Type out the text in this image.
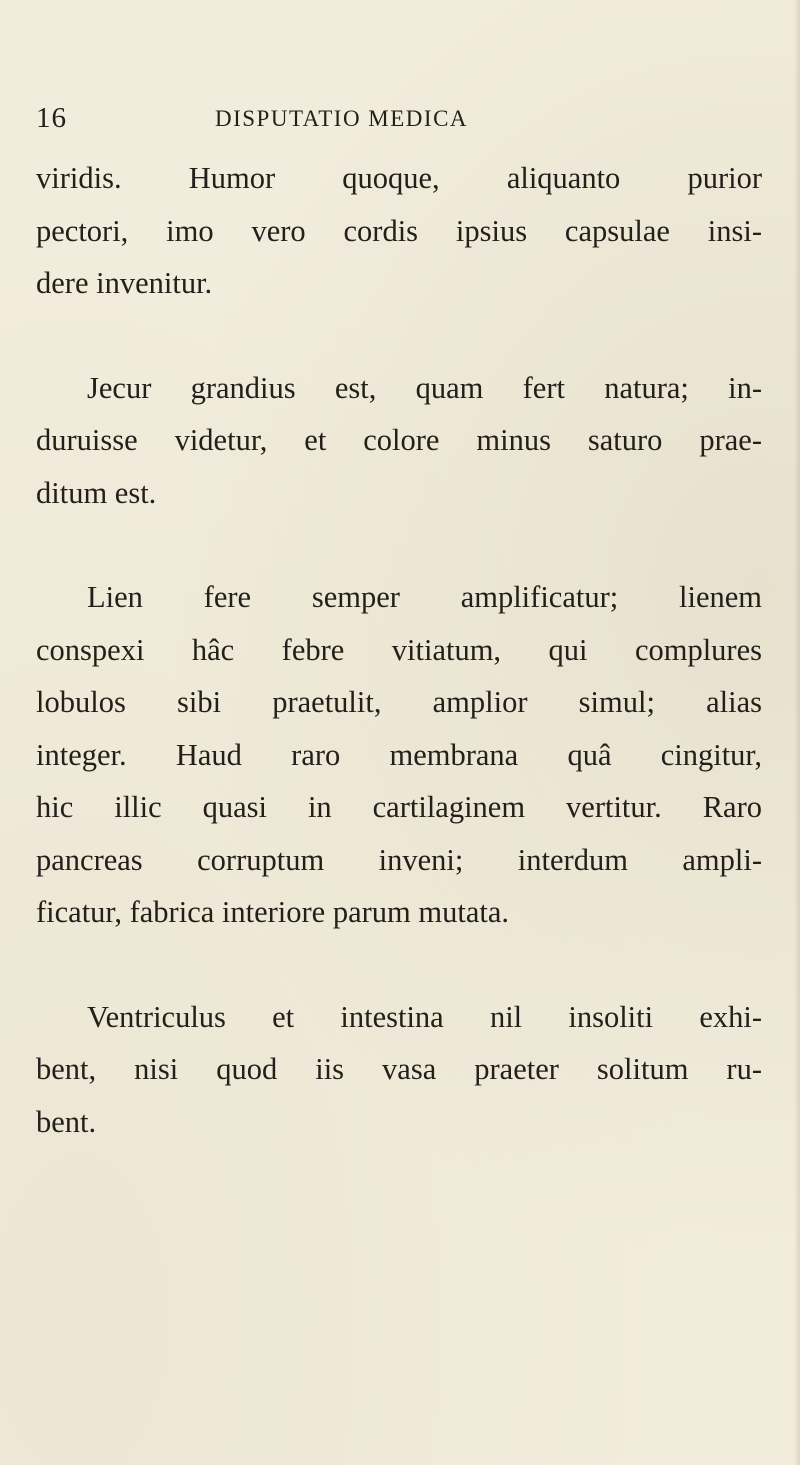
16	DISPUTATIO MEDICA

viridis. Humor quoque, aliquanto purior
pectori, imo vero cordis ipsius capsulae insi-
dere invenitur.

Jecur grandius est, quam fert natura; in-
duruisse videtur, et colore minus saturo prae-
ditum est.

Lien fere semper amplificatur; lienem
conspexi hâc febre vitiatum, qui complures
lobulos sibi praetulit, amplior simul; alias
integer. Haud raro membrana quâ cingitur,
hic illic quasi in cartilaginem vertitur. Raro
pancreas corruptum inveni; interdum ampli-
ficatur, fabrica interiore parum mutata.

Ventriculus et intestina nil insoliti exhi-
bent, nisi quod iis vasa praeter solitum ru-
bent.
